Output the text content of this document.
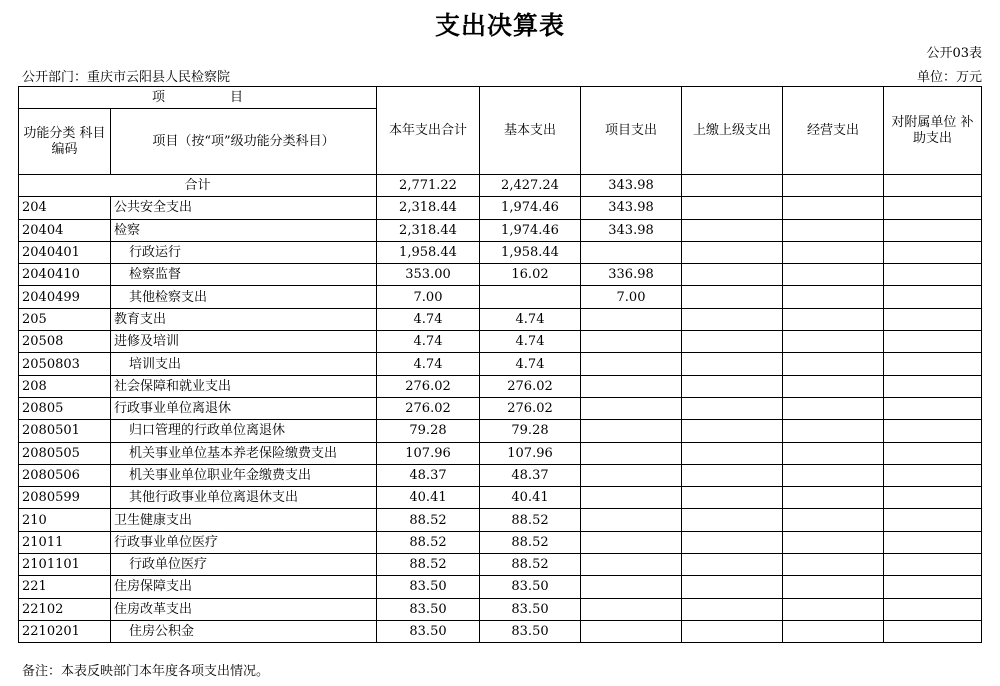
支出决算表
公开03表
公开部门：重庆市云阳县人民检察院	单位：万元
项　　　　　目		本年支出合计	基本支出	项目支出	上缴上级支出	经营支出	对附属单位 补助支出
功能分类 科目编码	项目（按“项”级功能分类科目）						
合计		2,771.22	2,427.24	343.98			
204	公共安全支出	2,318.44	1,974.46	343.98			
20404	检察	2,318.44	1,974.46	343.98			
2040401	行政运行	1,958.44	1,958.44				
2040410	检察监督	353.00	16.02	336.98			
2040499	其他检察支出	7.00		7.00			
205	教育支出	4.74	4.74				
20508	进修及培训	4.74	4.74				
2050803	培训支出	4.74	4.74				
208	社会保障和就业支出	276.02	276.02				
20805	行政事业单位离退休	276.02	276.02				
2080501	归口管理的行政单位离退休	79.28	79.28				
2080505	机关事业单位基本养老保险缴费支出	107.96	107.96				
2080506	机关事业单位职业年金缴费支出	48.37	48.37				
2080599	其他行政事业单位离退休支出	40.41	40.41				
210	卫生健康支出	88.52	88.52				
21011	行政事业单位医疗	88.52	88.52				
2101101	行政单位医疗	88.52	88.52				
221	住房保障支出	83.50	83.50				
22102	住房改革支出	83.50	83.50				
2210201	住房公积金	83.50	83.50				
备注：本表反映部门本年度各项支出情况。
